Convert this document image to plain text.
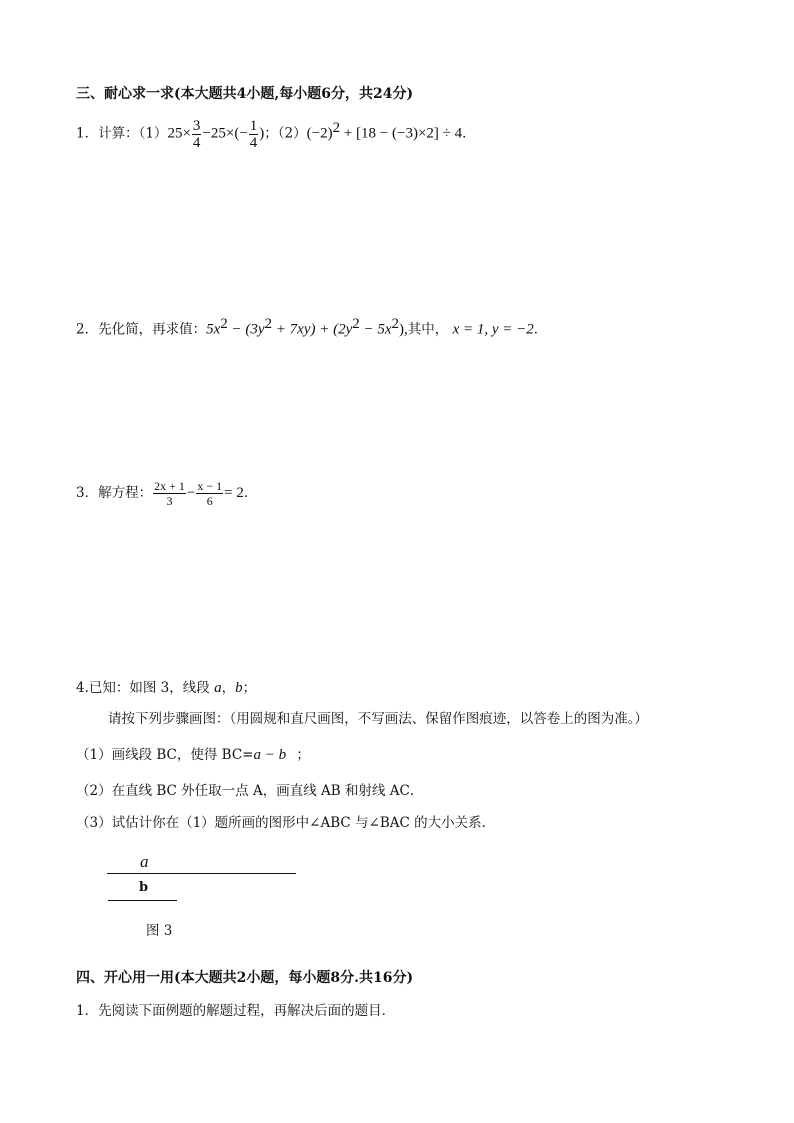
三、耐心求一求(本大题共4小题,每小题6分，共24分)
1．计算：$(1)25\times \frac{3}{4} -25\times(- \frac{1}{4}$ )；$(2)(-2)^2 + [18 - (-3)\times 2] \div 4$．
2．先化简，再求值：$5x^2 - (3y^2 + 7xy) + (2y^2 - 5x^2)$,其中， x = 1, y = −2．
3．解方程： $\frac{2x + 1}{3} - \frac{x - 1}{6} = 2$．
4.已知：如图 3，线段 a，b；
请按下列步骤画图：（用圆规和直尺画图，不写画法、保留作图痕迹，以答卷上的图为准。）
（1）画线段 BC，使得 BC=a − b ；
（2）在直线 BC 外任取一点 A，画直线 AB 和射线 AC．
（3）试估计你在（1）题所画的图形中∠ABC 与∠BAC 的大小关系．
a
b
图 3
四、开心用一用(本大题共2小题，每小题8分.共16分)
1．先阅读下面例题的解题过程，再解决后面的题目．
